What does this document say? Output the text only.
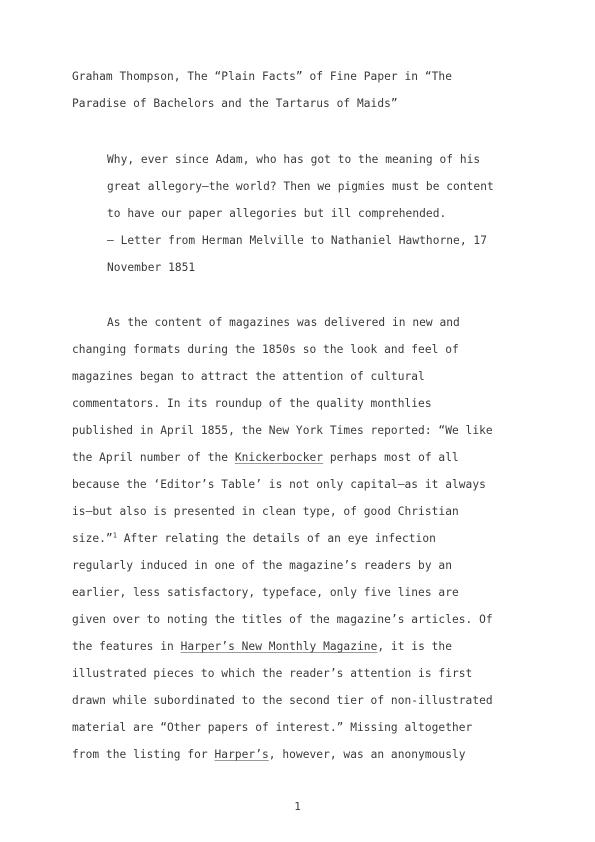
Graham Thompson, The “Plain Facts” of Fine Paper in “The
Paradise of Bachelors and the Tartarus of Maids”
Why, ever since Adam, who has got to the meaning of his
great allegory—the world? Then we pigmies must be content
to have our paper allegories but ill comprehended.
— Letter from Herman Melville to Nathaniel Hawthorne, 17
November 1851
As the content of magazines was delivered in new and
changing formats during the 1850s so the look and feel of
magazines began to attract the attention of cultural
commentators. In its roundup of the quality monthlies
published in April 1855, the New York Times reported: “We like
the April number of the Knickerbocker perhaps most of all
because the ‘Editor’s Table’ is not only capital—as it always
is—but also is presented in clean type, of good Christian
size.”$^1$ After relating the details of an eye infection
regularly induced in one of the magazine’s readers by an
earlier, less satisfactory, typeface, only five lines are
given over to noting the titles of the magazine’s articles. Of
the features in Harper’s New Monthly Magazine, it is the
illustrated pieces to which the reader’s attention is first
drawn while subordinated to the second tier of non-illustrated
material are “Other papers of interest.” Missing altogether
from the listing for Harper’s, however, was an anonymously
1
